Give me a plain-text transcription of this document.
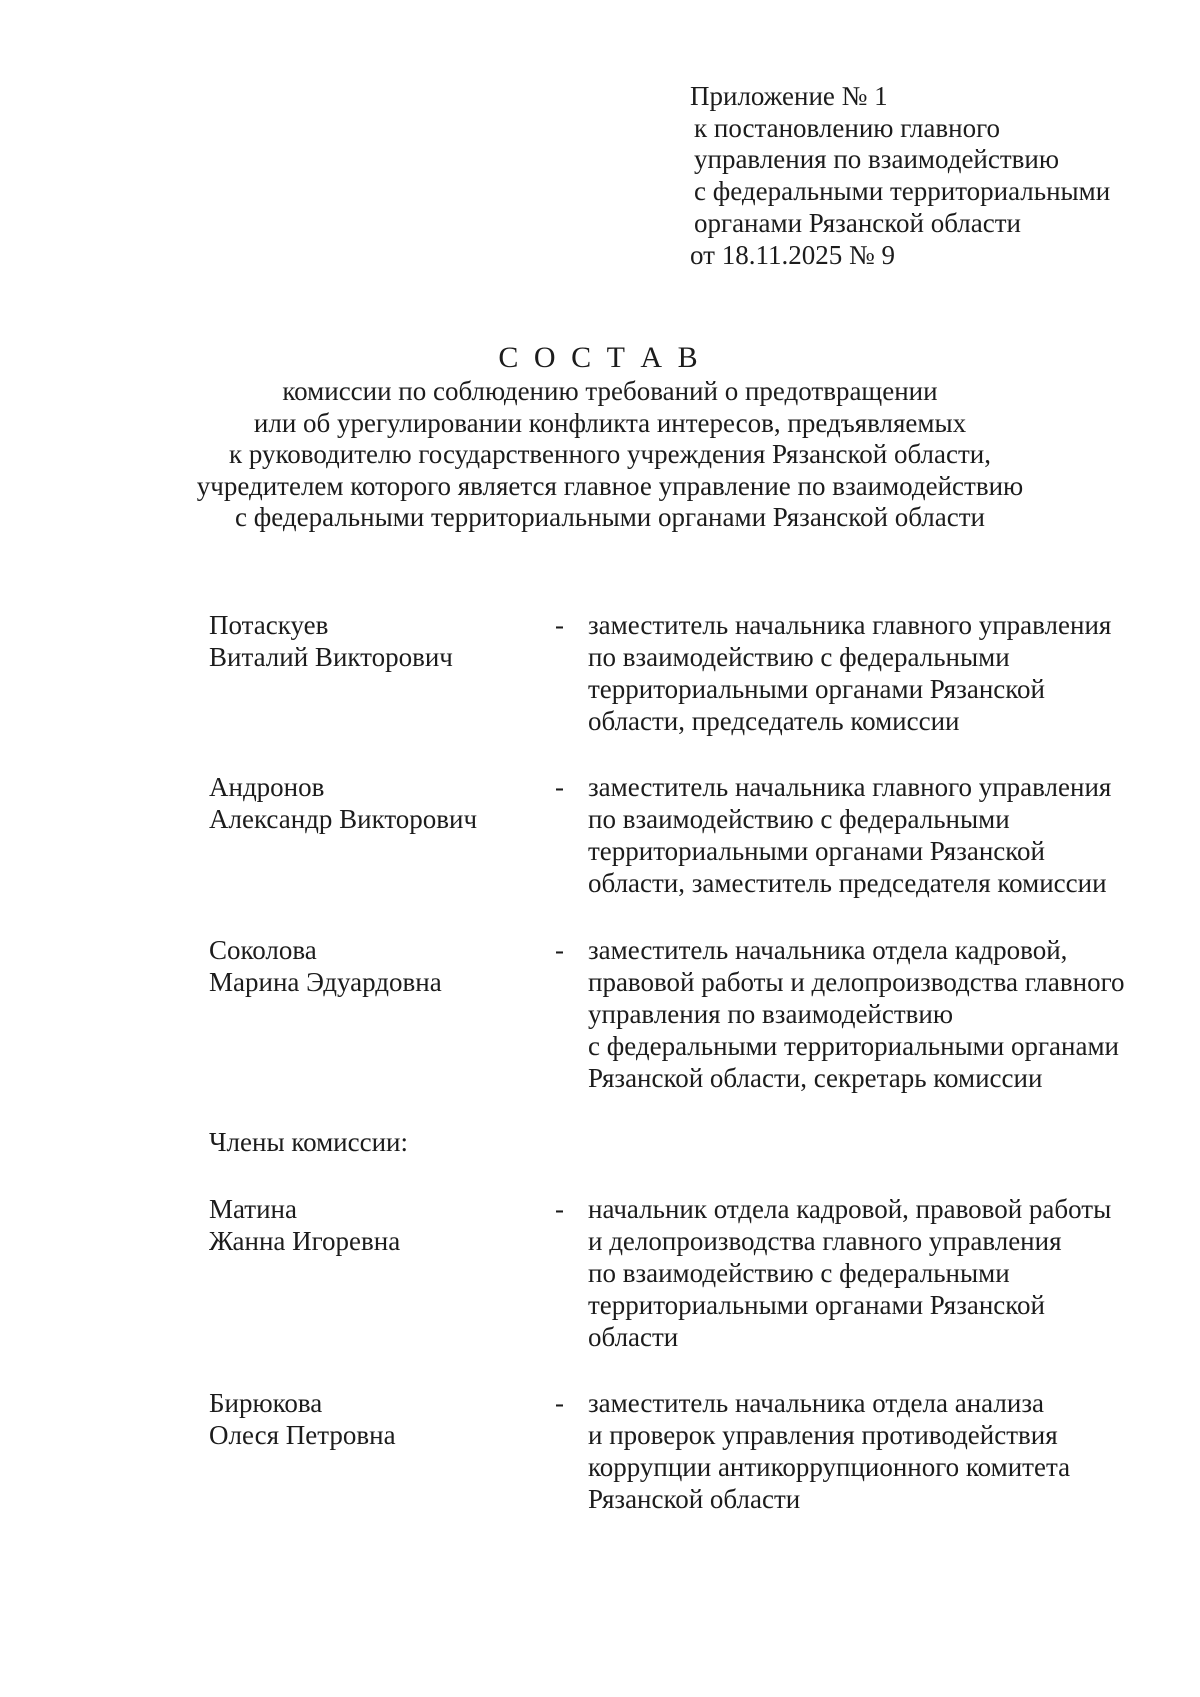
Приложение № 1
к постановлению главного
управления по взаимодействию
с федеральными территориальными
органами Рязанской области
от 18.11.2025 № 9
С О С Т А В
комиссии по соблюдению требований о предотвращении
или об урегулировании конфликта интересов, предъявляемых
к руководителю государственного учреждения Рязанской области,
учредителем которого является главное управление по взаимодействию
с федеральными территориальными органами Рязанской области
Потаскуев
Виталий Викторович
- заместитель начальника главного управления
по взаимодействию с федеральными
территориальными органами Рязанской
области, председатель комиссии
Андронов
Александр Викторович
- заместитель начальника главного управления
по взаимодействию с федеральными
территориальными органами Рязанской
области, заместитель председателя комиссии
Соколова
Марина Эдуардовна
- заместитель начальника отдела кадровой,
правовой работы и делопроизводства главного
управления по взаимодействию
с федеральными территориальными органами
Рязанской области, секретарь комиссии
Члены комиссии:
Матина
Жанна Игоревна
- начальник отдела кадровой, правовой работы
и делопроизводства главного управления
по взаимодействию с федеральными
территориальными органами Рязанской
области
Бирюкова
Олеся Петровна
- заместитель начальника отдела анализа
и проверок управления противодействия
коррупции антикоррупционного комитета
Рязанской области
